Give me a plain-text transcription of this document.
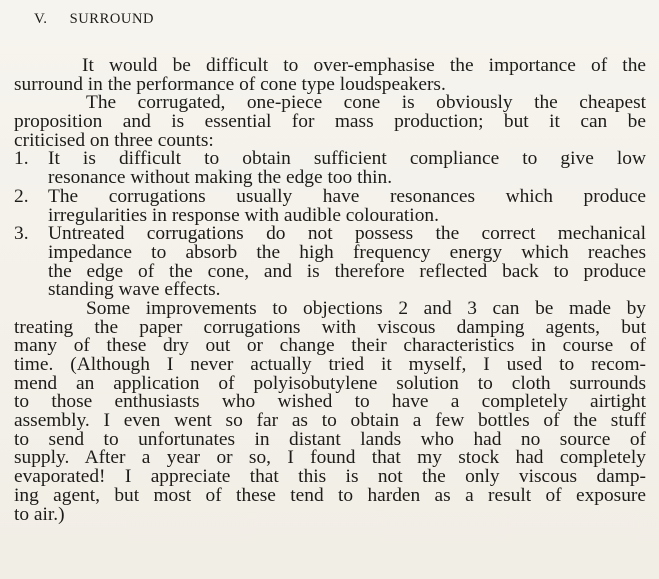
V. SURROUND
It would be difficult to over-emphasise the importance of the
surround in the performance of cone type loudspeakers.
The corrugated, one-piece cone is obviously the cheapest
proposition and is essential for mass production; but it can be
criticised on three counts:
1. It is difficult to obtain sufficient compliance to give low
resonance without making the edge too thin.
2. The corrugations usually have resonances which produce
irregularities in response with audible colouration.
3. Untreated corrugations do not possess the correct mechanical
impedance to absorb the high frequency energy which reaches
the edge of the cone, and is therefore reflected back to produce
standing wave effects.
Some improvements to objections 2 and 3 can be made by
treating the paper corrugations with viscous damping agents, but
many of these dry out or change their characteristics in course of
time. (Although I never actually tried it myself, I used to recom-
mend an application of polyisobutylene solution to cloth surrounds
to those enthusiasts who wished to have a completely airtight
assembly. I even went so far as to obtain a few bottles of the stuff
to send to unfortunates in distant lands who had no source of
supply. After a year or so, I found that my stock had completely
evaporated! I appreciate that this is not the only viscous damp-
ing agent, but most of these tend to harden as a result of exposure
to air.)
